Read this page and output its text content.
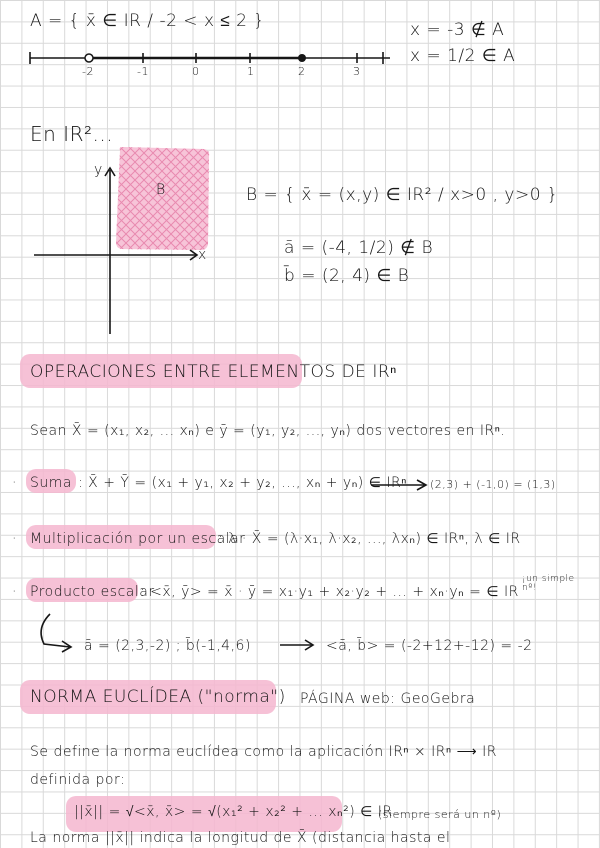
A = { x̄ ∈ IR / -2 < x ≤ 2 }	x = -3 ∉ A
x = 1/2 ∈ A
-2	-1	0	1	2	3
En IR²...
y
x
B	B = { x̄ = (x,y) ∈ IR² / x>0 , y>0 }
ā = (-4, 1/2) ∉ B
b̄ = (2, 4) ∈ B
OPERACIONES ENTRE ELEMENTOS DE IRⁿ
Sean X̄ = (x₁, x₂, ... xₙ) e ȳ = (y₁, y₂, ..., yₙ) dos vectores en IRⁿ.
· Suma : X̄ + Ȳ = (x₁ + y₁, x₂ + y₂, ..., xₙ + yₙ) ∈ IRⁿ (2,3) + (-1,0) = (1,3)
· Multiplicación por un escalar
: λ · X̄ = (λ·x₁, λ·x₂, ..., λxₙ) ∈ IRⁿ, λ ∈ IR
· Producto escalar
: <x̄, ȳ> = x̄ · ȳ = x₁·y₁ + x₂·y₂ + ... + xₙ·yₙ = ∈ IR
¡un simple nº!
ā = (2,3,-2) ; b̄(-1,4,6)	<ā, b̄> = (-2+12+-12) = -2
NORMA EUCLÍDEA ("norma") PÁGINA web: GeoGebra
Se define la norma euclídea como la aplicación IRⁿ × IRⁿ ⟶ IR
definida por:
||x̄|| = √<x̄, x̄> = √(x₁² + x₂² + ... xₙ²) ∈ IR
(siempre será un nº)
La norma ||x̄|| indica la longitud de X̄ (distancia hasta el
